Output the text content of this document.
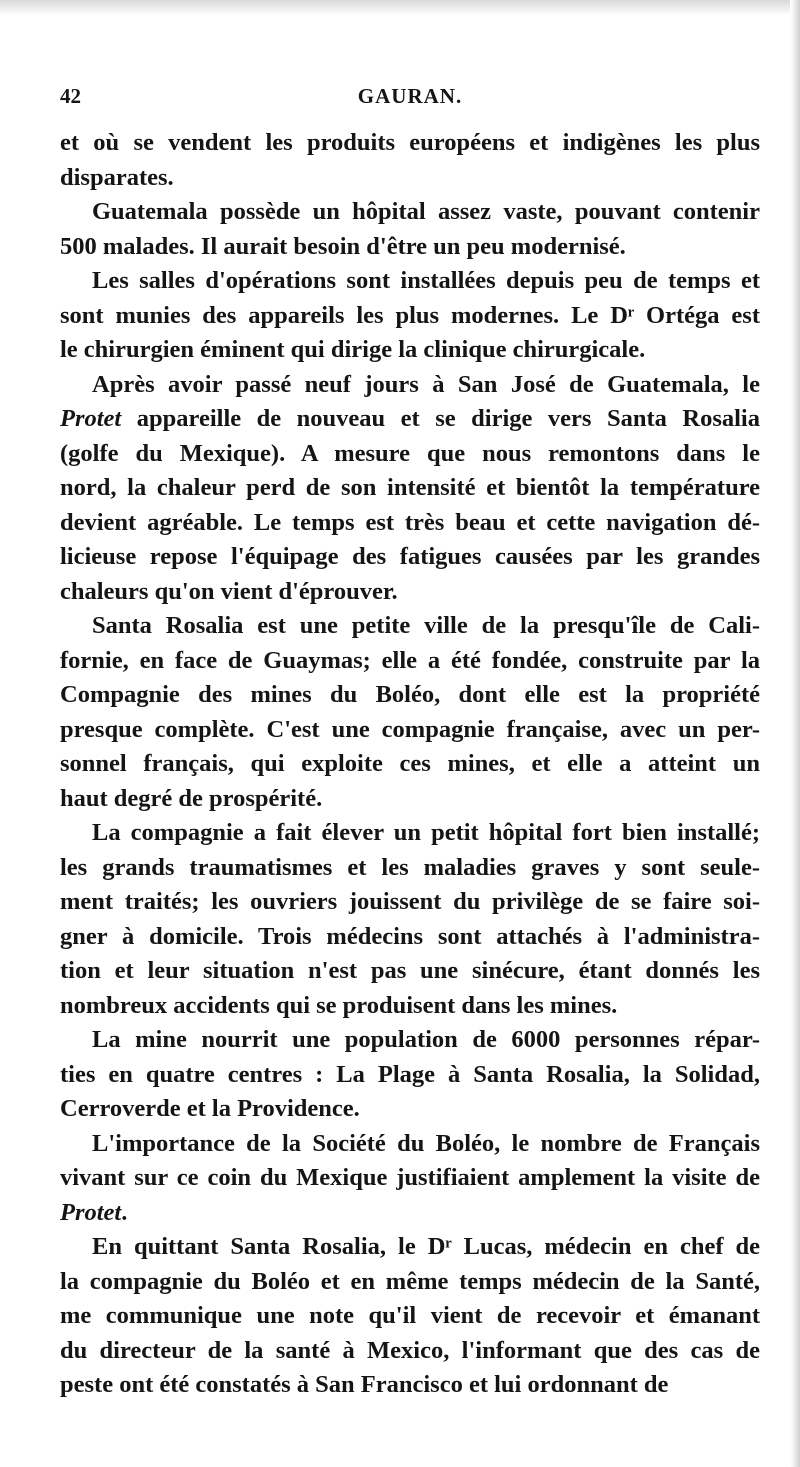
42	GAURAN.
et où se vendent les produits européens et indigènes les plus
disparates.
Guatemala possède un hôpital assez vaste, pouvant contenir
500 malades. Il aurait besoin d'être un peu modernisé.
Les salles d'opérations sont installées depuis peu de temps et
sont munies des appareils les plus modernes. Le Dʳ Ortéga est
le chirurgien éminent qui dirige la clinique chirurgicale.
Après avoir passé neuf jours à San José de Guatemala, le
Protet appareille de nouveau et se dirige vers Santa Rosalia
(golfe du Mexique). A mesure que nous remontons dans le
nord, la chaleur perd de son intensité et bientôt la température
devient agréable. Le temps est très beau et cette navigation dé-
licieuse repose l'équipage des fatigues causées par les grandes
chaleurs qu'on vient d'éprouver.
Santa Rosalia est une petite ville de la presqu'île de Cali-
fornie, en face de Guaymas; elle a été fondée, construite par la
Compagnie des mines du Boléo, dont elle est la propriété
presque complète. C'est une compagnie française, avec un per-
sonnel français, qui exploite ces mines, et elle a atteint un
haut degré de prospérité.
La compagnie a fait élever un petit hôpital fort bien installé;
les grands traumatismes et les maladies graves y sont seule-
ment traités; les ouvriers jouissent du privilège de se faire soi-
gner à domicile. Trois médecins sont attachés à l'administra-
tion et leur situation n'est pas une sinécure, étant donnés les
nombreux accidents qui se produisent dans les mines.
La mine nourrit une population de 6000 personnes répar-
ties en quatre centres : La Plage à Santa Rosalia, la Solidad,
Cerroverde et la Providence.
L'importance de la Société du Boléo, le nombre de Français
vivant sur ce coin du Mexique justifiaient amplement la visite de
Protet.
En quittant Santa Rosalia, le Dʳ Lucas, médecin en chef de
la compagnie du Boléo et en même temps médecin de la Santé,
me communique une note qu'il vient de recevoir et émanant
du directeur de la santé à Mexico, l'informant que des cas de
peste ont été constatés à San Francisco et lui ordonnant de
